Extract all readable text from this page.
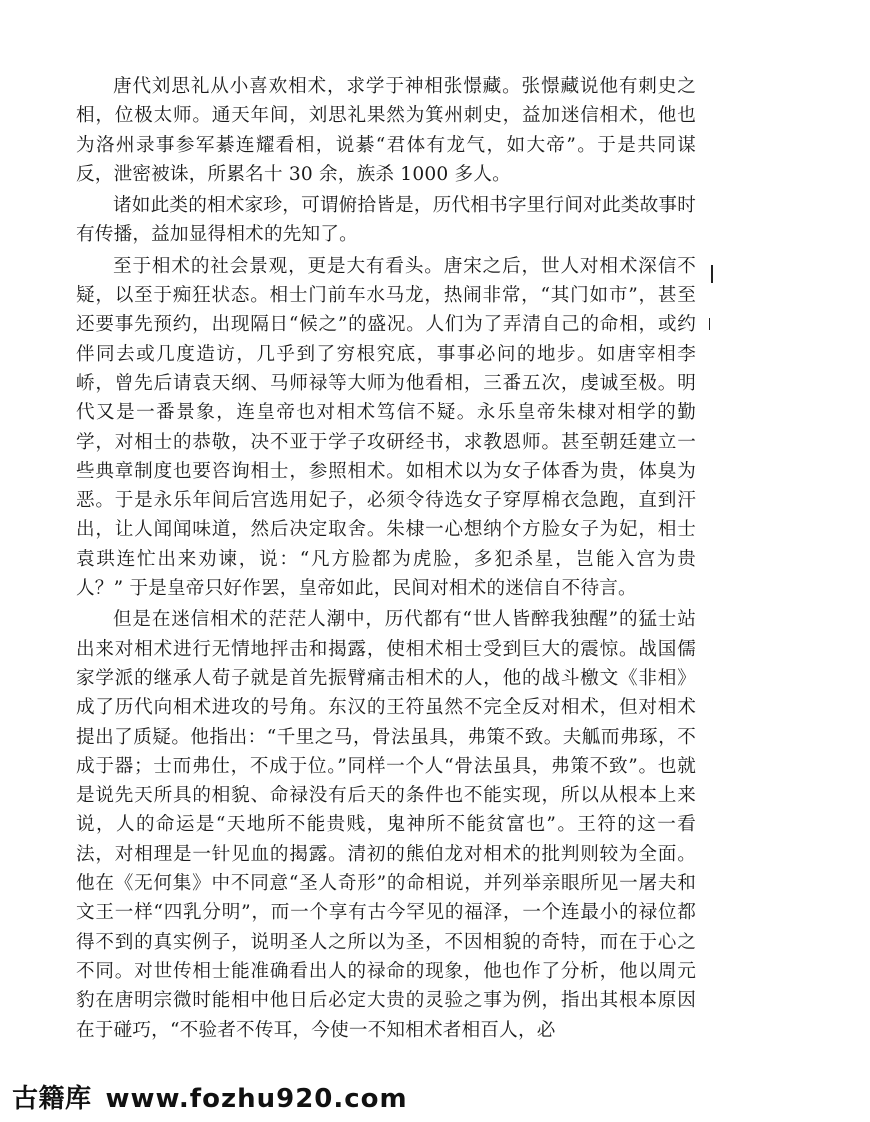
唐代刘思礼从小喜欢相术，求学于神相张憬藏。张憬藏说他有刺史之相，位极太师。通天年间，刘思礼果然为箕州刺史，益加迷信相术，他也为洛州录事参军綦连耀看相，说綦“君体有龙气，如大帝”。于是共同谋反，泄密被诛，所累名十 30 余，族杀 1000 多人。

诸如此类的相术家珍，可谓俯拾皆是，历代相书字里行间对此类故事时有传播，益加显得相术的先知了。

至于相术的社会景观，更是大有看头。唐宋之后，世人对相术深信不疑，以至于痴狂状态。相士门前车水马龙，热闹非常，“其门如市”，甚至还要事先预约，出现隔日“候之”的盛况。人们为了弄清自己的命相，或约伴同去或几度造访，几乎到了穷根究底，事事必问的地步。如唐宰相李峤，曾先后请袁天纲、马师禄等大师为他看相，三番五次，虔诚至极。明代又是一番景象，连皇帝也对相术笃信不疑。永乐皇帝朱棣对相学的勤学，对相士的恭敬，决不亚于学子攻研经书，求教恩师。甚至朝廷建立一些典章制度也要咨询相士，参照相术。如相术以为女子体香为贵，体臭为恶。于是永乐年间后宫选用妃子，必须令待选女子穿厚棉衣急跑，直到汗出，让人闻闻味道，然后决定取舍。朱棣一心想纳个方脸女子为妃，相士袁珙连忙出来劝谏，说：“凡方脸都为虎脸，多犯杀星，岂能入宫为贵人？” 于是皇帝只好作罢，皇帝如此，民间对相术的迷信自不待言。

但是在迷信相术的茫茫人潮中，历代都有“世人皆醉我独醒”的猛士站出来对相术进行无情地抨击和揭露，使相术相士受到巨大的震惊。战国儒家学派的继承人荀子就是首先振臂痛击相术的人，他的战斗檄文《非相》成了历代向相术进攻的号角。东汉的王符虽然不完全反对相术，但对相术提出了质疑。他指出：“千里之马，骨法虽具，弗策不致。夫觚而弗琢，不成于器；士而弗仕，不成于位。”同样一个人“骨法虽具，弗策不致”。也就是说先天所具的相貌、命禄没有后天的条件也不能实现，所以从根本上来说，人的命运是“天地所不能贵贱，鬼神所不能贫富也”。王符的这一看法，对相理是一针见血的揭露。清初的熊伯龙对相术的批判则较为全面。他在《无何集》中不同意“圣人奇形”的命相说，并列举亲眼所见一屠夫和文王一样“四乳分明”，而一个享有古今罕见的福泽，一个连最小的禄位都得不到的真实例子，说明圣人之所以为圣，不因相貌的奇特，而在于心之不同。对世传相士能准确看出人的禄命的现象，他也作了分析，他以周元豹在唐明宗微时能相中他日后必定大贵的灵验之事为例，指出其根本原因在于碰巧，“不验者不传耳，今使一不知相术者相百人，必

古籍库 www.fozhu920.com
